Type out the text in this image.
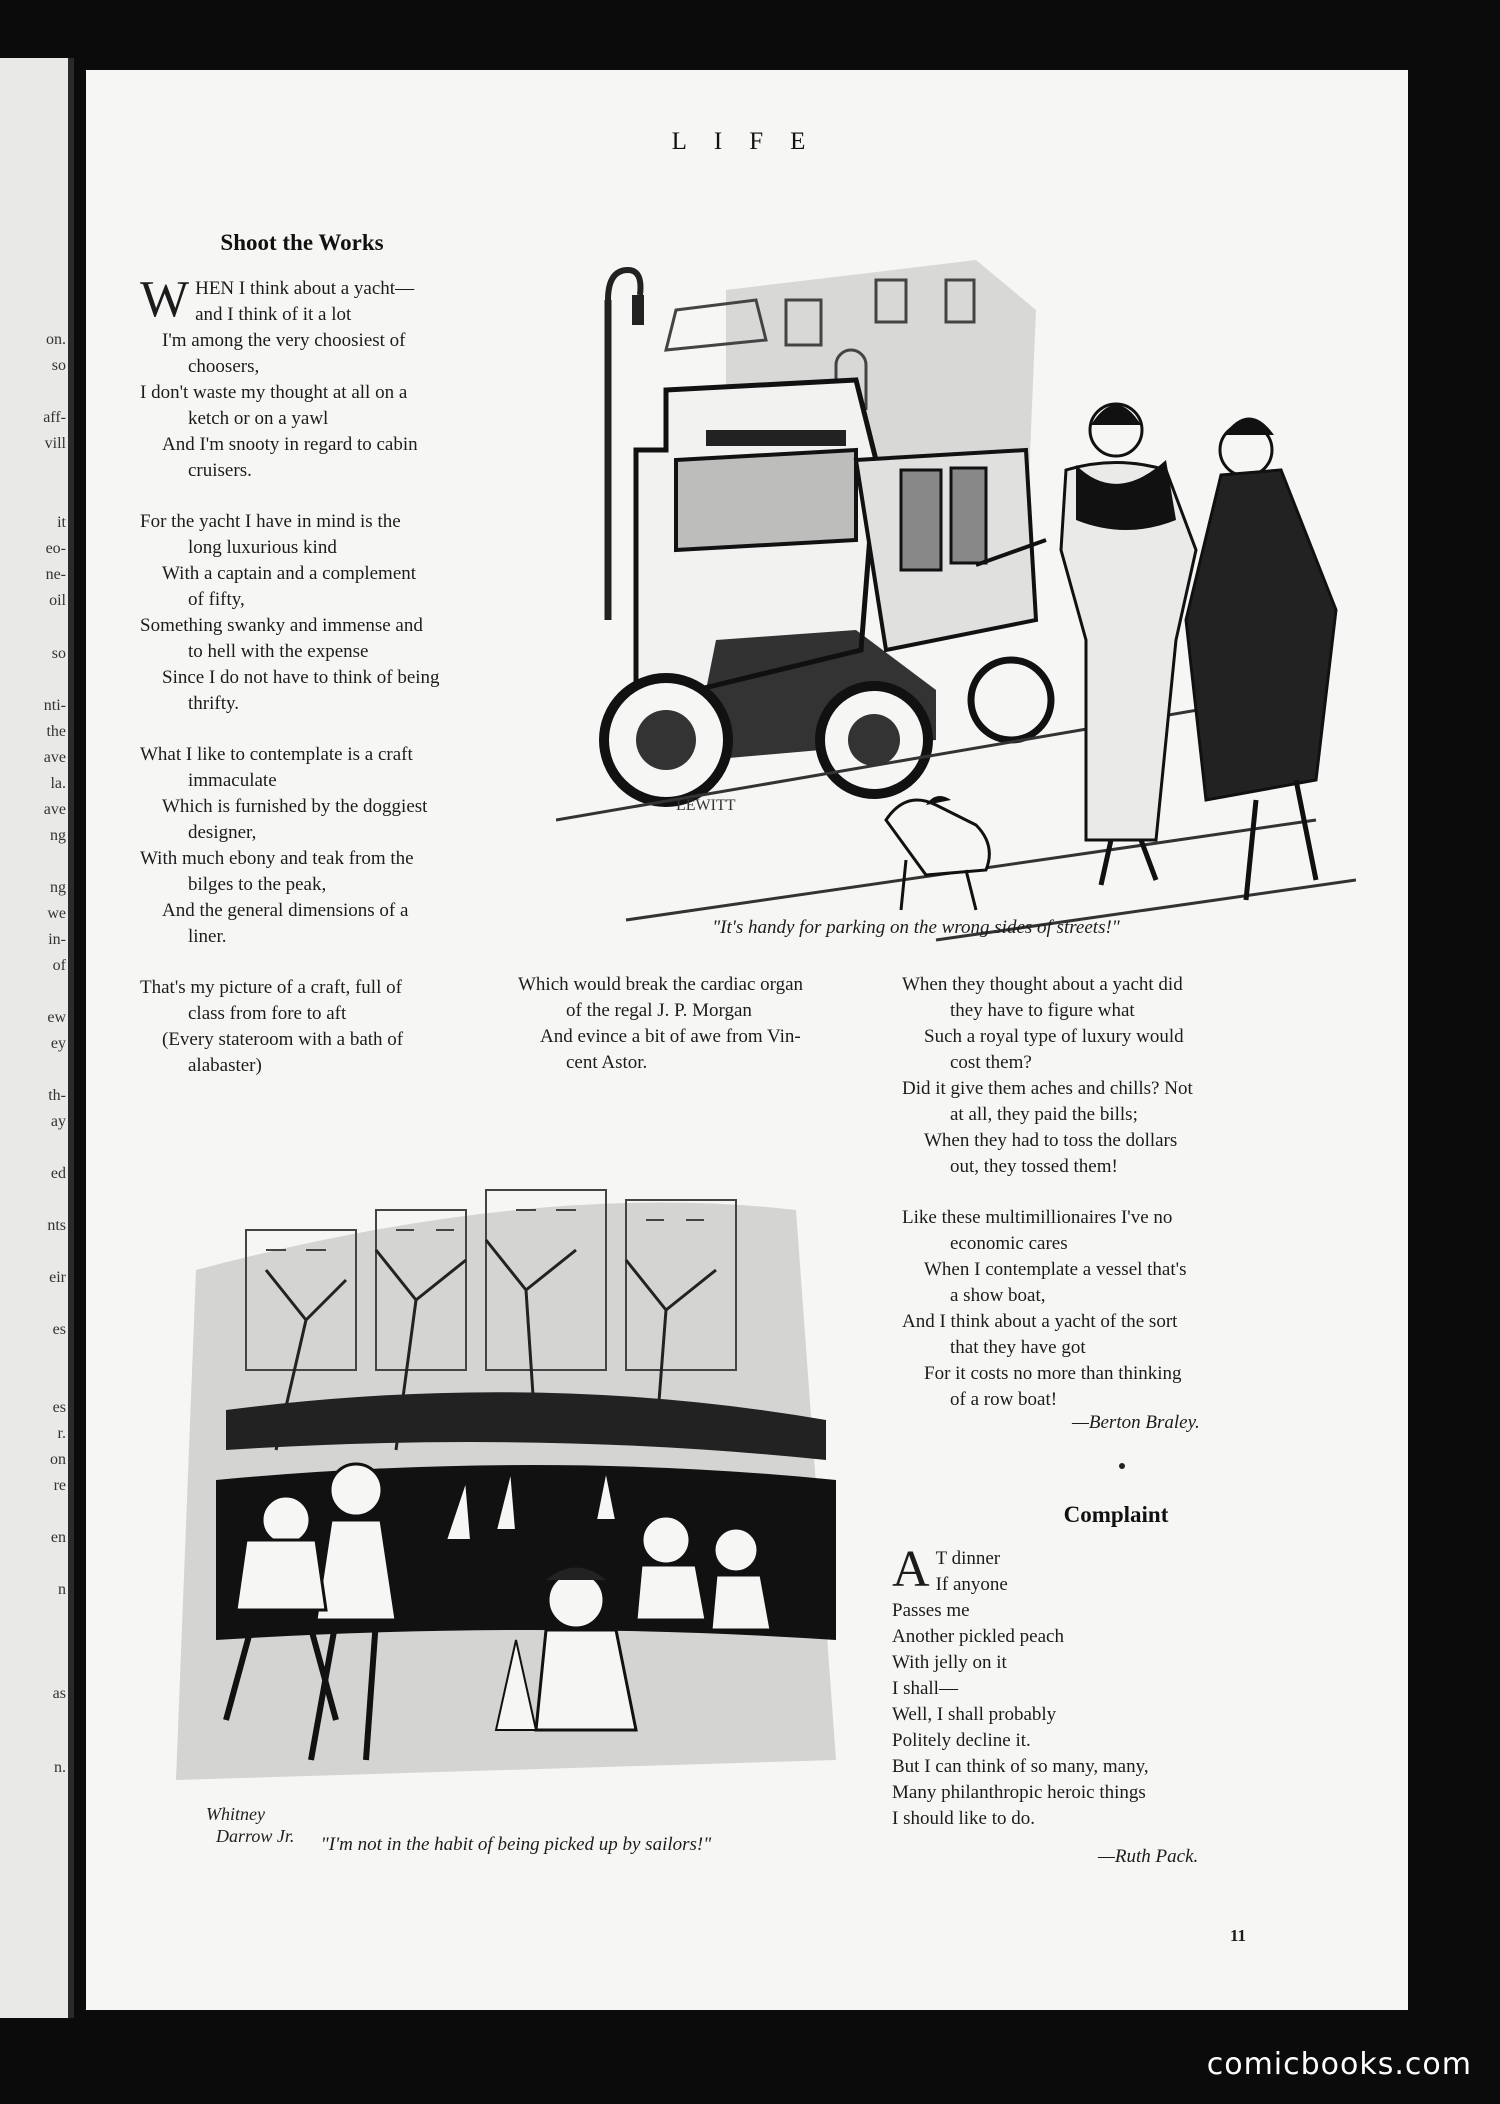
on.
so
aff-
vill
it
eo-
ne-
oil
so
nti-
the
ave
la.
ave
ng
ng
we
in-
of
ew
ey
th-
ay
ed
nts
eir
es
es
r.
on
re
en
n
as
n.
LIFE
Shoot the Works
W HEN I think about a yacht—
and I think of it a lot
I'm among the very choosiest of
choosers,
I don't waste my thought at all on a
ketch or on a yawl
And I'm snooty in regard to cabin
cruisers.
For the yacht I have in mind is the
long luxurious kind
With a captain and a complement
of fifty,
Something swanky and immense and
to hell with the expense
Since I do not have to think of being
thrifty.
What I like to contemplate is a craft
immaculate
Which is furnished by the doggiest
designer,
With much ebony and teak from the
bilges to the peak,
And the general dimensions of a
liner.
That's my picture of a craft, full of
class from fore to aft
(Every stateroom with a bath of
alabaster)
Which would break the cardiac organ
of the regal J. P. Morgan
And evince a bit of awe from Vin-
cent Astor.
When they thought about a yacht did
they have to figure what
Such a royal type of luxury would
cost them?
Did it give them aches and chills? Not
at all, they paid the bills;
When they had to toss the dollars
out, they tossed them!
Like these multimillionaires I've no
economic cares
When I contemplate a vessel that's
a show boat,
And I think about a yacht of the sort
that they have got
For it costs no more than thinking
of a row boat!
—Berton Braley.
LEWITT
"It's handy for parking on the wrong sides of streets!"
Whitney
Darrow Jr.	"I'm not in the habit of being picked up by sailors!"
Complaint
A T dinner
If anyone
Passes me
Another pickled peach
With jelly on it
I shall—
Well, I shall probably
Politely decline it.
But I can think of so many, many,
Many philanthropic heroic things
I should like to do.
—Ruth Pack.
11
comicbooks.com
